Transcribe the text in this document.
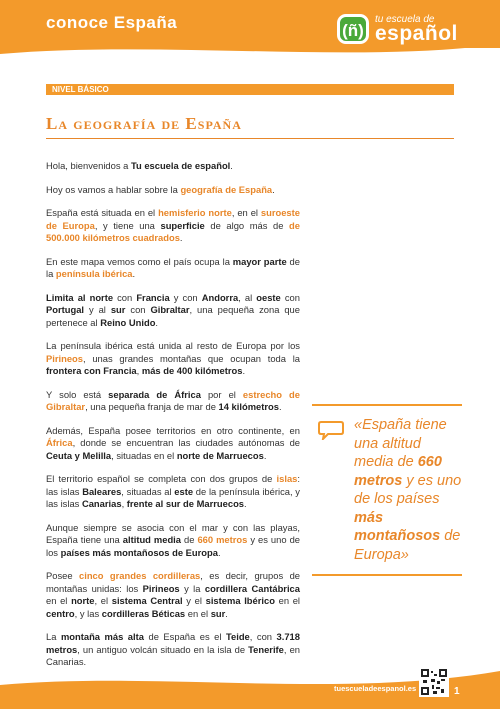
conoce España	(ñ)
tu escuela de
español
NIVEL BÁSICO
La geografía de España

Hola, bienvenidos a Tu escuela de español.

Hoy os vamos a hablar sobre la geografía de España.

España está situada en el hemisferio norte, en el suroeste de Europa, y tiene una superficie de algo más de de 500.000 kilómetros cuadrados.

En este mapa vemos como el país ocupa la mayor parte de la península ibérica.

Limita al norte con Francia y con Andorra, al oeste con Portugal y al sur con Gibraltar, una pequeña zona que pertenece al Reino Unido.

La península ibérica está unida al resto de Europa por los Pirineos, unas grandes montañas que ocupan toda la frontera con Francia, más de 400 kilómetros.

Y solo está separada de África por el estrecho de Gibraltar, una pequeña franja de mar de 14 kilómetros.

Además, España posee territorios en otro continente, en África, donde se encuentran las ciudades autónomas de Ceuta y Melilla, situadas en el norte de Marruecos.

El territorio español se completa con dos grupos de islas: las islas Baleares, situadas al este de la península ibérica, y las islas Canarias, frente al sur de Marruecos.

Aunque siempre se asocia con el mar y con las playas, España tiene una altitud media de 660 metros y es uno de los países más montañosos de Europa.

Posee cinco grandes cordilleras, es decir, grupos de montañas unidas: los Pirineos y la cordillera Cantábrica en el norte, el sistema Central y el sistema Ibérico en el centro, y las cordilleras Béticas en el sur.

La montaña más alta de España es el Teide, con 3.718 metros, un antiguo volcán situado en la isla de Tenerife, en Canarias.

«España tiene una altitud media de 660 metros y es uno de los países más montañosos de Europa»
tuescueladeespanol.es	1
